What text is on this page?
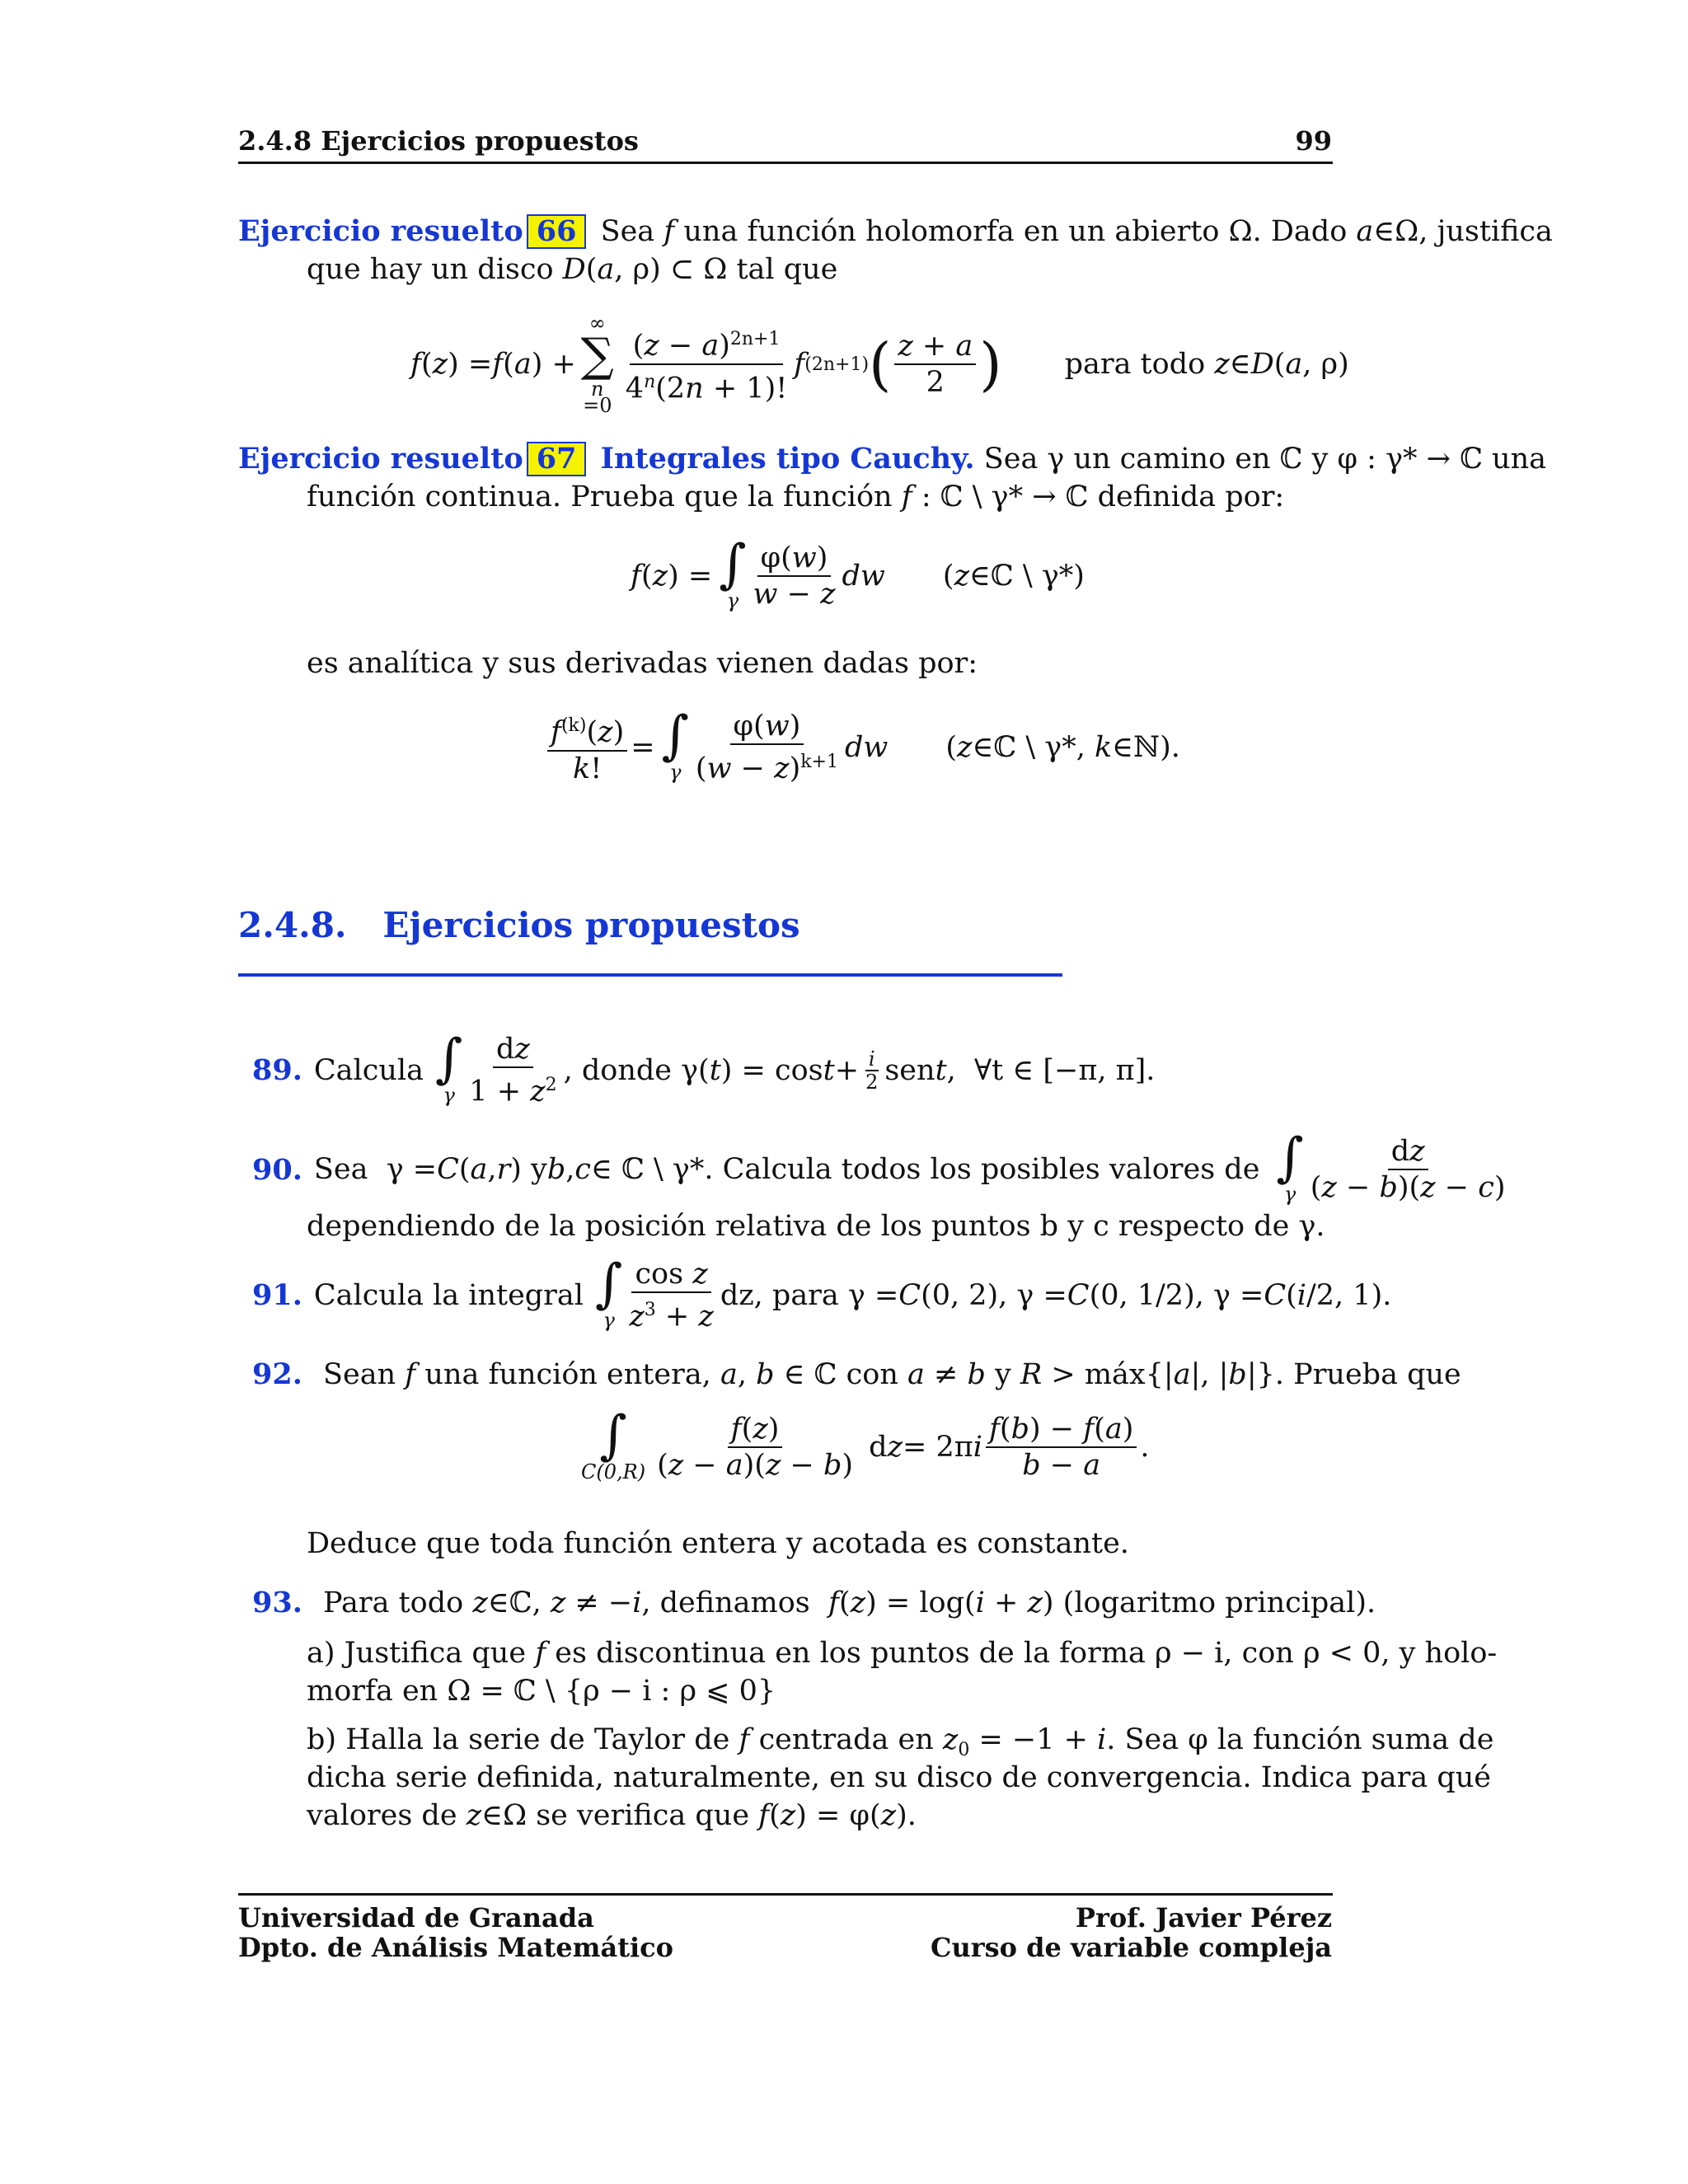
2.4.8 Ejercicios propuestos	99
Ejercicio resuelto 66 Sea f una función holomorfa en un abierto Ω. Dado a∈Ω, justifica
que hay un disco D(a, ρ) ⊂ Ω tal que
f ( z ) = f ( a ) +
∞
∑
n
$=0 \frac{(z - a)^{2n+1}}{4^n(2n + 1)!}$ f (2n+1) ( $\frac{z + a}{2}$ ) para todo
z ∈ D ( a , ρ)
Ejercicio resuelto 67 Integrales tipo Cauchy. Sea γ un camino en ℂ y φ : γ* → ℂ una
función continua. Prueba que la función f : ℂ \ γ* → ℂ definida por:
f ( z ) = ∫
γ $\frac{\varphi(w)}{w - z}$ dw (z∈ℂ \ γ*)
es analítica y sus derivadas vienen dadas por:
$\frac{f^{(k)}(z)}{k!}$ = ∫
γ $\frac{\varphi(w)}{(w - z)^{k+1}}$ dw (z∈ℂ \ γ*, k∈ℕ).
2.4.8. Ejercicios propuestos
89. Calcula ∫
γ $\frac{dz}{1 + z^2}$ , donde γ( t ) = $\cos t + \frac{i}{2}$ sen t , ∀t ∈ [−π, π].
90. Sea γ = C ( a , r ) y b , c ∈ ℂ \ γ* . Calcula todos los posibles valores de ∫
γ $\frac{dz}{(z - b)(z - c)}$
dependiendo de la posición relativa de los puntos b y c respecto de γ.
91. Calcula la integral ∫
γ $\frac{\text{cos z}}{z^3 + z}$ dz, para γ = C (0, 2), γ = C (0, 1/2), γ = C ( i /2, 1).
92. Sean f una función entera, a, b ∈ ℂ con a ≠ b y R > máx{|a|, |b|}. Prueba que
∫
$C(0,R) \frac{f(z)}{(z - a)(z - b)}$ d z = 2π i $\frac{f(b) - f(a)}{b - a}$ .
Deduce que toda función entera y acotada es constante.
93. Para todo z∈ℂ, z ≠ −i, definamos f(z) = log(i + z) (logaritmo principal).
a) Justifica que f es discontinua en los puntos de la forma ρ − i, con ρ < 0, y holo-
morfa en Ω = ℂ \ {ρ − i : ρ ⩽ 0}
b) Halla la serie de Taylor de f centrada en $z_0 = -1 + i$. Sea φ la función suma de
dicha serie definida, naturalmente, en su disco de convergencia. Indica para qué
valores de z∈Ω se verifica que f(z) = φ(z).
Universidad de Granada
Dpto. de Análisis Matemático
Prof. Javier Pérez
Curso de variable compleja
